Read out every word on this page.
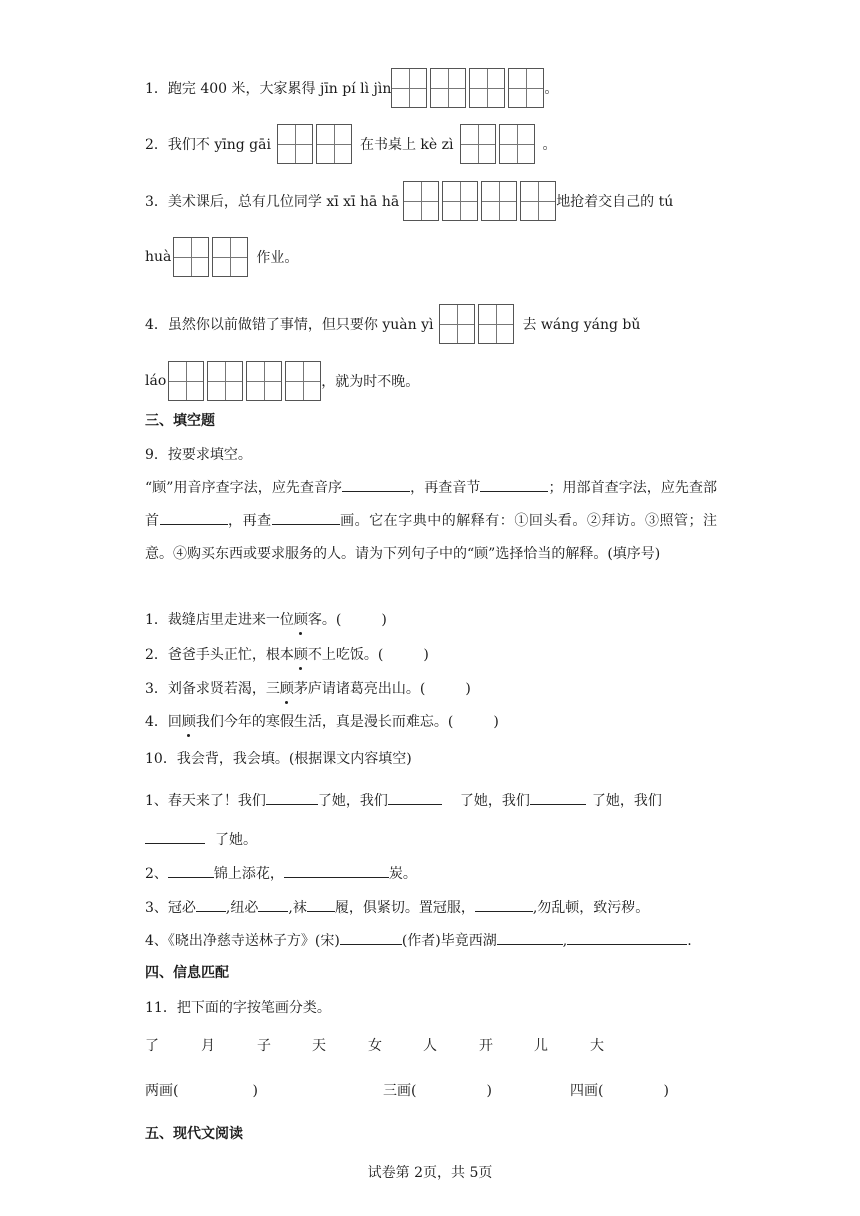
1．跑完 400 米，大家累得 jīn pí lì jìn	。
2．我们不 yīng gāi	在书桌上 kè zì	。
3．美术课后，总有几位同学 xī xī hā hā	地抢着交自己的 tú
huà	作业。
4．虽然你以前做错了事情，但只要你 yuàn yì	去 wáng yáng bǔ
láo	，就为时不晚。
三、填空题
9．按要求填空。
“顾”用音序查字法，应先查音序	，再查音节	；用部首查字法，应先查部首	，再查	画。它在字典中的解释有：①回头看。②拜访。③照管；注意。④购买东西或要求服务的人。请为下列句子中的“顾”选择恰当的解释。(填序号)
1．裁缝店里走进来一位顾客。(	)
2．爸爸手头正忙，根本顾不上吃饭。(	)
3．刘备求贤若渴，三顾茅庐请诸葛亮出山。(	)
4．回顾我们今年的寒假生活，真是漫长而难忘。(	)
10．我会背，我会填。(根据课文内容填空)
1、春天来了！我们	了她，我们	了她，我们	了她，我们
了她。
2、	锦上添花，	炭。
3、冠必 ,纽必 ,袜 履，俱紧切。置冠服，	,勿乱顿，致污秽。
4、《晓出净慈寺送林子方》(宋)	(作者)毕竟西湖	,	.
四、信息匹配
11．把下面的字按笔画分类。
了	月	子	天	女	人	开	儿	大
两画(	)	三画(	)	四画(	)
五、现代文阅读
试卷第 2页，共 5页
